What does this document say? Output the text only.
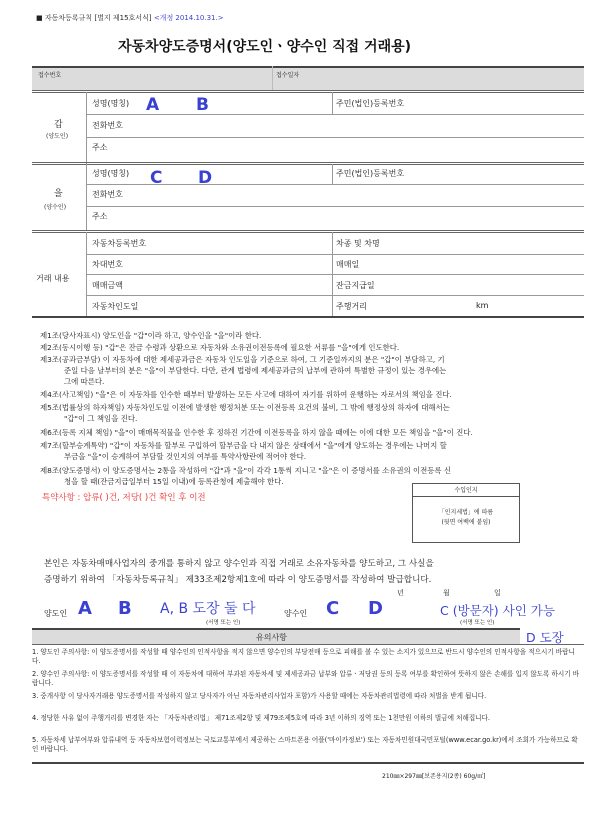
■ 자동차등록규칙 [별지 제15호서식] <개정 2014.10.31.>
자동차양도증명서(양도인ㆍ양수인 직접 거래용)
접수번호	접수일자
갑
(양도인)
성명(명칭) A B	주민(법인)등록번호
전화번호
주소
을
(양수인)
성명(명칭) C D	주민(법인)등록번호
전화번호
주소
거래 내용
자동차등록번호	차종 및 차명
차대번호	매매일
매매금액	잔금지급일
자동차인도일	주행거리	km
제1조(당사자표시) 양도인을 "갑"이라 하고, 양수인을 "을"이라 한다.
제2조(동시이행 등) "갑"은 잔금 수령과 상환으로 자동차와 소유권이전등록에 필요한 서류를 "을"에게 인도한다.
제3조(공과금부담) 이 자동차에 대한 제세공과금은 자동차 인도일을 기준으로 하여, 그 기준일까지의 분은 "갑"이 부담하고, 기
준일 다음 날부터의 분은 "을"이 부담한다. 다만, 관계 법령에 제세공과금의 납부에 관하여 특별한 규정이 있는 경우에는
그에 따른다.
제4조(사고책임) "을"은 이 자동차를 인수한 때부터 발생하는 모든 사고에 대하여 자기를 위하여 운행하는 자로서의 책임을 진다.
제5조(법률상의 하자책임) 자동차인도일 이전에 발생한 행정처분 또는 이전등록 요건의 불비, 그 밖에 행정상의 하자에 대해서는
"갑"이 그 책임을 진다.
제6조(등록 지체 책임) "을"이 매매목적물을 인수한 후 정하진 기간에 이전등록을 하지 않을 때에는 이에 대한 모든 책임을 "을"이 진다.
제7조(할부승계특약) "갑"이 자동차를 할부로 구입하여 할부금을 다 내지 않은 상태에서 "을"에게 양도하는 경우에는 나머지 할
부금을 "을"이 승계하여 부담할 것인지의 여부를 특약사항란에 적어야 한다.
제8조(양도증명서) 이 양도증명서는 2통을 작성하여 "갑"과 "을"이 각각 1통씩 지니고 "을"은 이 증명서를 소유권의 이전등록 신
청을 할 때(잔금지급일부터 15일 이내)에 등록관청에 제출해야 한다.
특약사항 : 압류( )건, 저당( )건 확인 후 이전
수입인지
「인지세법」에 따름
(뒷면 여백에 붙임)
본인은 자동차매매사업자의 중개를 통하지 않고 양수인과 직접 거래로 소유자동차를 양도하고, 그 사실을
증명하기 위하여 「자동차등록규칙」 제33조제2항제1호에 따라 이 양도증명서를 작성하여 발급합니다.
년	월	일
양도인 A B A, B 도장 둘 다
(서명 또는 인)
양수인 C D	C (방문자) 사인 가능
(서명 또는 인)
D 도장
유의사항
1. 양도인 주의사항: 이 양도증명서를 작성할 때 양수인의 인적사항을 적지 않으면 양수인의 부당전매 등으로 피해를 볼 수 있는 소지가 있으므로 반드시 양수인의 인적사항을 적으시기 바랍니다.
2. 양수인 주의사항: 이 양도증명서를 작성할 때 이 자동차에 대하여 부과된 자동차세 및 제세공과금 납부와 압류ㆍ저당권 등의 등록 여부를 확인하여 뜻하지 않은 손해를 입지 않도록 하시기 바랍니다.
3. 중개사항 이 당사자거래용 양도증명서를 작성하지 않고 당사자가 아닌 자동차관리사업자 포함)가 사용할 때에는 자동차관리법령에 따라 처벌을 받게 됩니다.
4. 정당한 사유 없이 주행거리를 변경한 자는 「자동차관리법」 제71조제2항 및 제79조제5호에 따라 3년 이하의 징역 또는 1천만원 이하의 벌금에 처해집니다.
5. 자동차세 납부여부와 압류내역 등 자동차보험이력정보는 국토교통부에서 제공하는 스마트폰용 어플('마이카정보') 또는 자동차민원대국민포털(www.ecar.go.kr)에서 조회가 가능하므로 확인 바랍니다.
210㎜×297㎜[보존용지(2종) 60g/㎡]
